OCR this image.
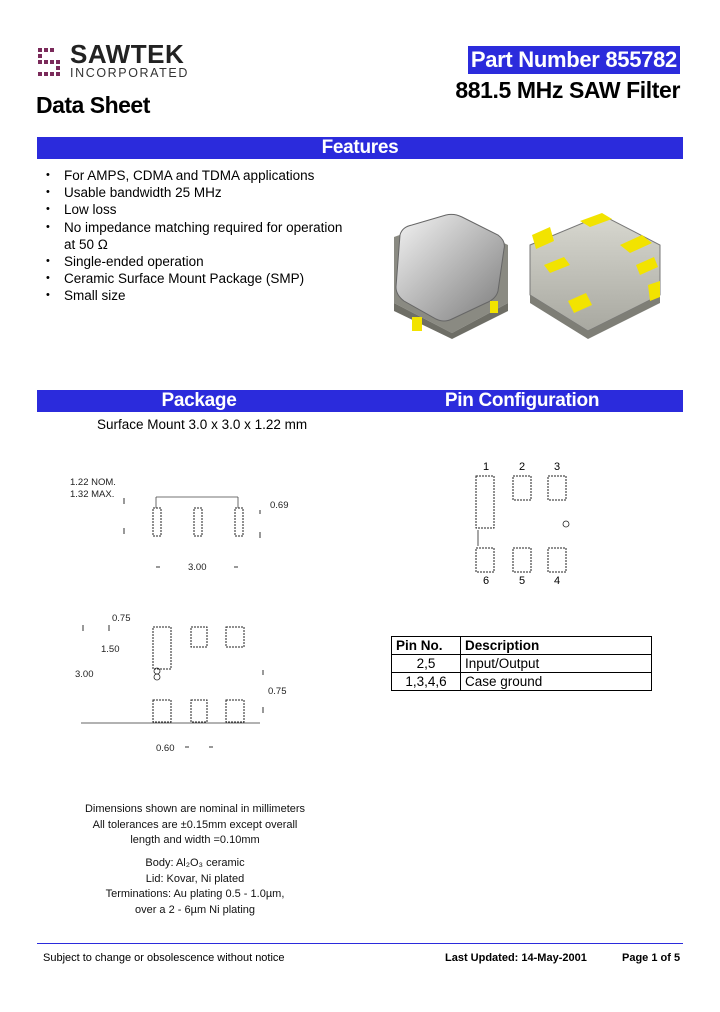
SAWTEK
INCORPORATED
Data Sheet
Part Number 855782
881.5 MHz SAW Filter
Features
• For AMPS, CDMA and TDMA applications
• Usable bandwidth 25 MHz
• Low loss
• No impedance matching required for operation
at 50 Ω
• Single-ended operation
• Ceramic Surface Mount Package (SMP)
• Small size
Package	Pin Configuration
Surface Mount 3.0 x 3.0 x 1.22 mm
1.22 NOM.
1.32 MAX.
0.69
3.00
0.75
1.50
3.00
0.75
0.60
1	2	3
6	5	4
Pin No.	Description
2,5	Input/Output
1,3,4,6	Case ground
Dimensions shown are nominal in millimeters
All tolerances are ±0.15mm except overall
length and width =0.10mm
Body: Al₂O₃ ceramic
Lid: Kovar, Ni plated
Terminations: Au plating 0.5 - 1.0µm,
over a 2 - 6µm Ni plating
Subject to change or obsolescence without notice	Last Updated: 14-May-2001	Page 1 of 5
